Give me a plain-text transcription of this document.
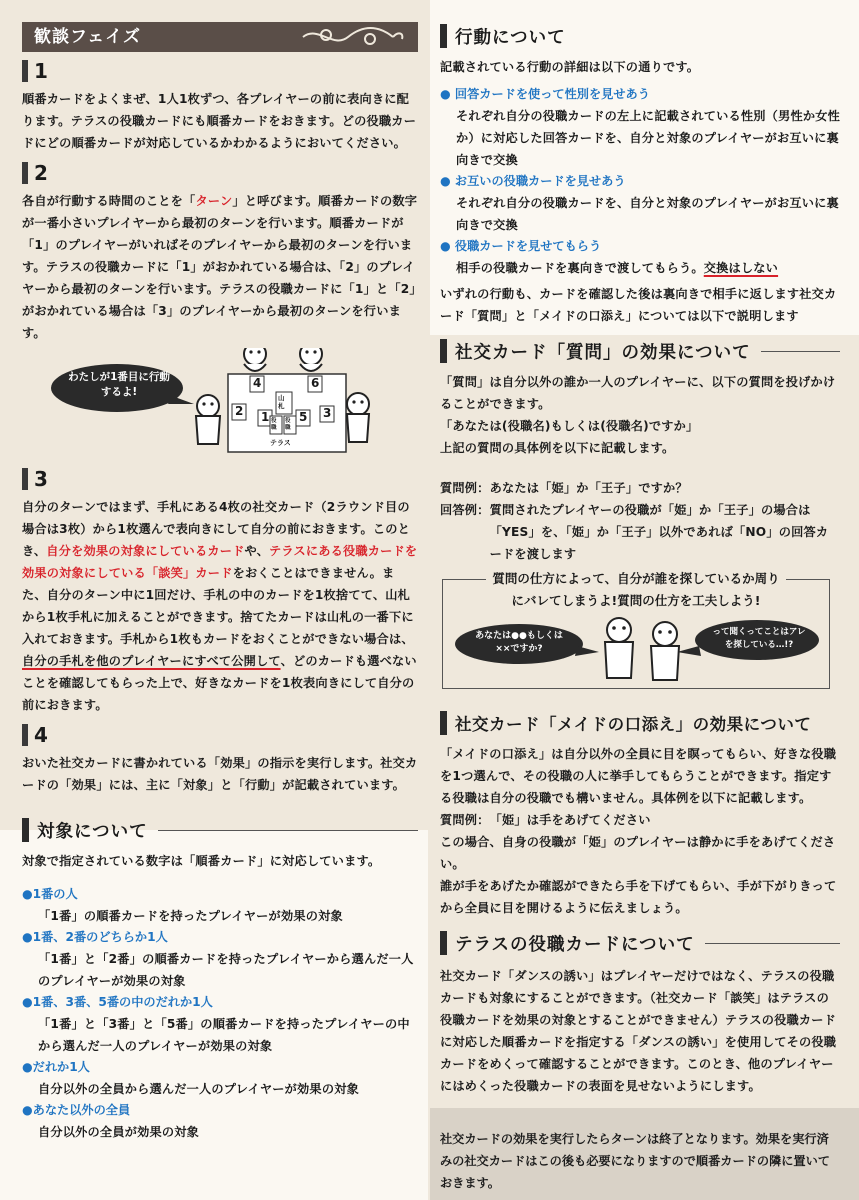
歓談フェイズ
1

順番カードをよくまぜ、1人1枚ずつ、各プレイヤーの前に表向きに配ります。テラスの役職カードにも順番カードをおきます。どの役職カードにどの順番カードが対応しているかわかるようにおいてください。

2

各自が行動する時間のことを「ターン」と呼びます。順番カードの数字が一番小さいプレイヤーから最初のターンを行います。順番カードが「1」のプレイヤーがいればそのプレイヤーから最初のターンを行います。テラスの役職カードに「1」がおかれている場合は、「2」のプレイヤーから最初のターンを行います。テラスの役職カードに「1」と「2」がおかれている場合は「3」のプレイヤーから最初のターンを行います。

わたしが1番目に行動するよ!
4	6
2 1 5 3
山札
役職
役職
テラス
3

自分のターンではまず、手札にある4枚の社交カード（2ラウンド目の場合は3枚）から1枚選んで表向きにして自分の前におきます。このとき、自分を効果の対象にしているカードや、テラスにある役職カードを効果の対象にしている「談笑」カードをおくことはできません。また、自分のターン中に1回だけ、手札の中のカードを1枚捨てて、山札から1枚手札に加えることができます。捨てたカードは山札の一番下に入れておきます。手札から1枚もカードをおくことができない場合は、自分の手札を他のプレイヤーにすべて公開して、どのカードも選べないことを確認してもらった上で、好きなカードを1枚表向きにして自分の前におきます。

4

おいた社交カードに書かれている「効果」の指示を実行します。社交カードの「効果」には、主に「対象」と「行動」が記載されています。

対象について

対象で指定されている数字は「順番カード」に対応しています。

●1番の人

「1番」の順番カードを持ったプレイヤーが効果の対象

●1番、2番のどちらか1人

「1番」と「2番」の順番カードを持ったプレイヤーから選んだ一人のプレイヤーが効果の対象

●1番、3番、5番の中のだれか1人

「1番」と「3番」と「5番」の順番カードを持ったプレイヤーの中から選んだ一人のプレイヤーが効果の対象

●だれか1人

自分以外の全員から選んだ一人のプレイヤーが効果の対象

●あなた以外の全員

自分以外の全員が効果の対象

行動について

記載されている行動の詳細は以下の通りです。

● 回答カードを使って性別を見せあう

それぞれ自分の役職カードの左上に記載されている性別（男性か女性か）に対応した回答カードを、自分と対象のプレイヤーがお互いに裏向きで交換

● お互いの役職カードを見せあう

それぞれ自分の役職カードを、自分と対象のプレイヤーがお互いに裏向きで交換

● 役職カードを見せてもらう

相手の役職カードを裏向きで渡してもらう。交換はしない

いずれの行動も、カードを確認した後は裏向きで相手に返します社交カード「質問」と「メイドの口添え」については以下で説明します

社交カード「質問」の効果について

「質問」は自分以外の誰か一人のプレイヤーに、以下の質問を投げかけることができます。

「あなたは(役職名)もしくは(役職名)ですか」

上記の質問の具体例を以下に記載します。

質問例： あなたは「姫」か「王子」ですか？

回答例： 質問されたプレイヤーの役職が「姫」か「王子」の場合は「YES」を、「姫」か「王子」以外であれば「NO」の回答カードを渡します

質問の仕方によって、自分が誰を探しているか周り
にバレてしまうよ!質問の仕方を工夫しよう!
あなたは●●もしくは××ですか?
って聞くってことはアレを探している…!?
社交カード「メイドの口添え」の効果について

「メイドの口添え」は自分以外の全員に目を瞑ってもらい、好きな役職を1つ選んで、その役職の人に挙手してもらうことができます。指定する役職は自分の役職でも構いません。具体例を以下に記載します。

質問例： 「姫」は手をあげてください

この場合、自身の役職が「姫」のプレイヤーは静かに手をあげてください。

誰が手をあげたか確認ができたら手を下げてもらい、手が下がりきってから全員に目を開けるように伝えましょう。

テラスの役職カードについて

社交カード「ダンスの誘い」はプレイヤーだけではなく、テラスの役職カードも対象にすることができます。（社交カード「談笑」はテラスの役職カードを効果の対象とすることができません）テラスの役職カードに対応した順番カードを指定する「ダンスの誘い」を使用してその役職カードをめくって確認することができます。このとき、他のプレイヤーにはめくった役職カードの表面を見せないようにします。

社交カードの効果を実行したらターンは終了となります。効果を実行済みの社交カードはこの後も必要になりますので順番カードの隣に置いておきます。
